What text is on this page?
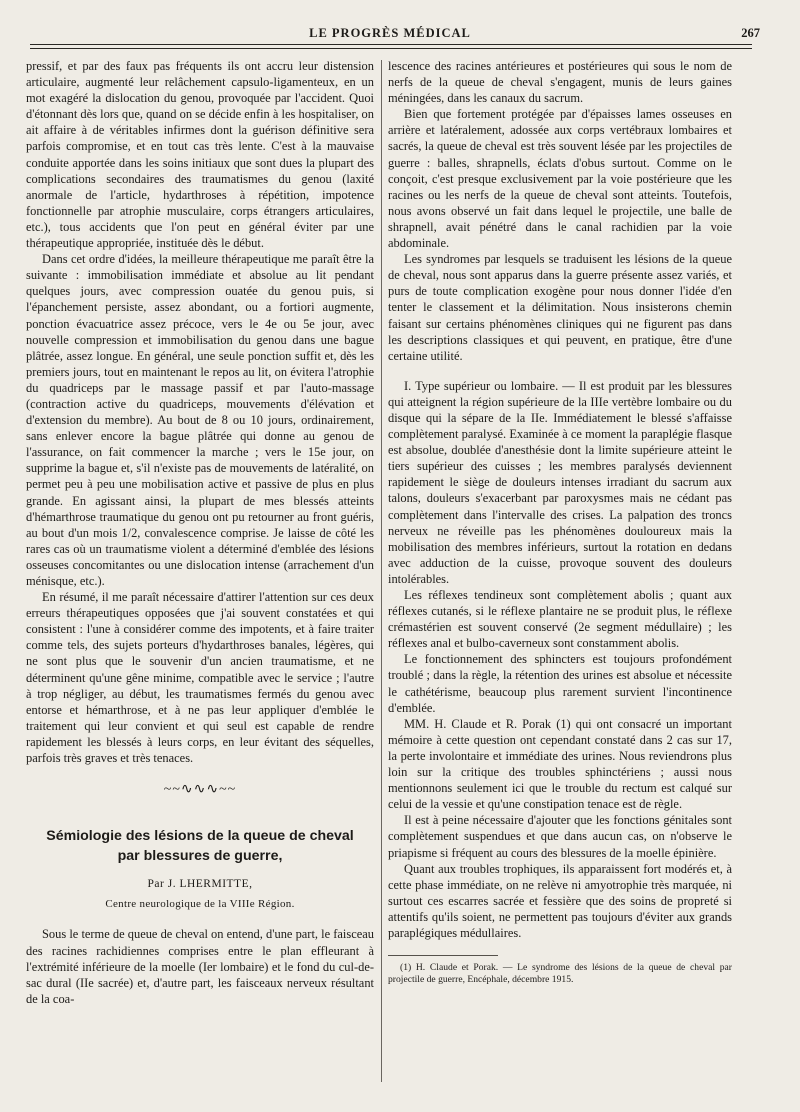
LE PROGRÈS MÉDICAL	267

pressif, et par des faux pas fréquents ils ont accru leur distension articulaire, augmenté leur relâchement capsulo-ligamenteux, en un mot exagéré la dislocation du genou, provoquée par l'accident. Quoi d'étonnant dès lors que, quand on se décide enfin à les hospitaliser, on ait affaire à de véritables infirmes dont la guérison définitive sera parfois compromise, et en tout cas très lente. C'est à la mauvaise conduite apportée dans les soins initiaux que sont dues la plupart des complications secondaires des traumatismes du genou (laxité anormale de l'article, hydarthroses à répétition, impotence fonctionnelle par atrophie musculaire, corps étrangers articulaires, etc.), tous accidents que l'on peut en général éviter par une thérapeutique appropriée, instituée dès le début.

Dans cet ordre d'idées, la meilleure thérapeutique me paraît être la suivante : immobilisation immédiate et absolue au lit pendant quelques jours, avec compression ouatée du genou puis, si l'épanchement persiste, assez abondant, ou a fortiori augmente, ponction évacuatrice assez précoce, vers le 4e ou 5e jour, avec nouvelle compression et immobilisation du genou dans une bague plâtrée, assez longue. En général, une seule ponction suffit et, dès les premiers jours, tout en maintenant le repos au lit, on évitera l'atrophie du quadriceps par le massage passif et par l'auto-massage (contraction active du quadriceps, mouvements d'élévation et d'extension du membre). Au bout de 8 ou 10 jours, ordinairement, sans enlever encore la bague plâtrée qui donne au genou de l'assurance, on fait commencer la marche ; vers le 15e jour, on supprime la bague et, s'il n'existe pas de mouvements de latéralité, on permet peu à peu une mobilisation active et passive de plus en plus grande. En agissant ainsi, la plupart de mes blessés atteints d'hémarthrose traumatique du genou ont pu retourner au front guéris, au bout d'un mois 1/2, convalescence comprise. Je laisse de côté les rares cas où un traumatisme violent a déterminé d'emblée des lésions osseuses concomitantes ou une dislocation intense (arrachement d'un ménisque, etc.).

En résumé, il me paraît nécessaire d'attirer l'attention sur ces deux erreurs thérapeutiques opposées que j'ai souvent constatées et qui consistent : l'une à considérer comme des impotents, et à faire traiter comme tels, des sujets porteurs d'hydarthroses banales, légères, qui ne sont plus que le souvenir d'un ancien traumatisme, et ne déterminent qu'une gêne minime, compatible avec le service ; l'autre à trop négliger, au début, les traumatismes fermés du genou avec entorse et hémarthrose, et à ne pas leur appliquer d'emblée le traitement qui leur convient et qui seul est capable de rendre rapidement les blessés à leurs corps, en leur évitant des séquelles, parfois très graves et très tenaces.

~~∿∿∿~~
Sémiologie des lésions de la queue de cheval
par blessures de guerre,
Par J. LHERMITTE,
Centre neurologique de la VIIIe Région.

Sous le terme de queue de cheval on entend, d'une part, le faisceau des racines rachidiennes comprises entre le plan effleurant à l'extrémité inférieure de la moelle (Ier lombaire) et le fond du cul-de-sac dural (IIe sacrée) et, d'autre part, les faisceaux nerveux résultant de la coa-

lescence des racines antérieures et postérieures qui sous le nom de nerfs de la queue de cheval s'engagent, munis de leurs gaines méningées, dans les canaux du sacrum.

Bien que fortement protégée par d'épaisses lames osseuses en arrière et latéralement, adossée aux corps vertébraux lombaires et sacrés, la queue de cheval est très souvent lésée par les projectiles de guerre : balles, shrapnells, éclats d'obus surtout. Comme on le conçoit, c'est presque exclusivement par la voie postérieure que les racines ou les nerfs de la queue de cheval sont atteints. Toutefois, nous avons observé un fait dans lequel le projectile, une balle de shrapnell, avait pénétré dans le canal rachidien par la voie abdominale.

Les syndromes par lesquels se traduisent les lésions de la queue de cheval, nous sont apparus dans la guerre présente assez variés, et purs de toute complication exogène pour nous donner l'idée d'en tenter le classement et la délimitation. Nous insisterons chemin faisant sur certains phénomènes cliniques qui ne figurent pas dans les descriptions classiques et qui peuvent, en pratique, être d'une certaine utilité.

I. Type supérieur ou lombaire. — Il est produit par les blessures qui atteignent la région supérieure de la IIIe vertèbre lombaire ou du disque qui la sépare de la IIe. Immédiatement le blessé s'affaisse complètement paralysé. Examinée à ce moment la paraplégie flasque est absolue, doublée d'anesthésie dont la limite supérieure atteint le tiers supérieur des cuisses ; les membres paralysés deviennent rapidement le siège de douleurs intenses irradiant du sacrum aux talons, douleurs s'exacerbant par paroxysmes mais ne cédant pas complètement dans l'intervalle des crises. La palpation des troncs nerveux ne réveille pas les phénomènes douloureux mais la mobilisation des membres inférieurs, surtout la rotation en dedans avec adduction de la cuisse, provoque souvent des douleurs intolérables.

Les réflexes tendineux sont complètement abolis ; quant aux réflexes cutanés, si le réflexe plantaire ne se produit plus, le réflexe crémastérien est souvent conservé (2e segment médullaire) ; les réflexes anal et bulbo-caverneux sont constamment abolis.

Le fonctionnement des sphincters est toujours profondément troublé ; dans la règle, la rétention des urines est absolue et nécessite le cathétérisme, beaucoup plus rarement survient l'incontinence d'emblée.

MM. H. Claude et R. Porak (1) qui ont consacré un important mémoire à cette question ont cependant constaté dans 2 cas sur 17, la perte involontaire et immédiate des urines. Nous reviendrons plus loin sur la critique des troubles sphinctériens ; aussi nous mentionnons seulement ici que le trouble du rectum est calqué sur celui de la vessie et qu'une constipation tenace est de règle.

Il est à peine nécessaire d'ajouter que les fonctions génitales sont complètement suspendues et que dans aucun cas, on n'observe le priapisme si fréquent au cours des blessures de la moelle épinière.

Quant aux troubles trophiques, ils apparaissent fort modérés et, à cette phase immédiate, on ne relève ni amyotrophie très marquée, ni surtout ces escarres sacrée et fessière que des soins de propreté si attentifs qu'ils soient, ne permettent pas toujours d'éviter aux grands paraplégiques médullaires.

(1) H. Claude et Porak. — Le syndrome des lésions de la queue de cheval par projectile de guerre, Encéphale, décembre 1915.
